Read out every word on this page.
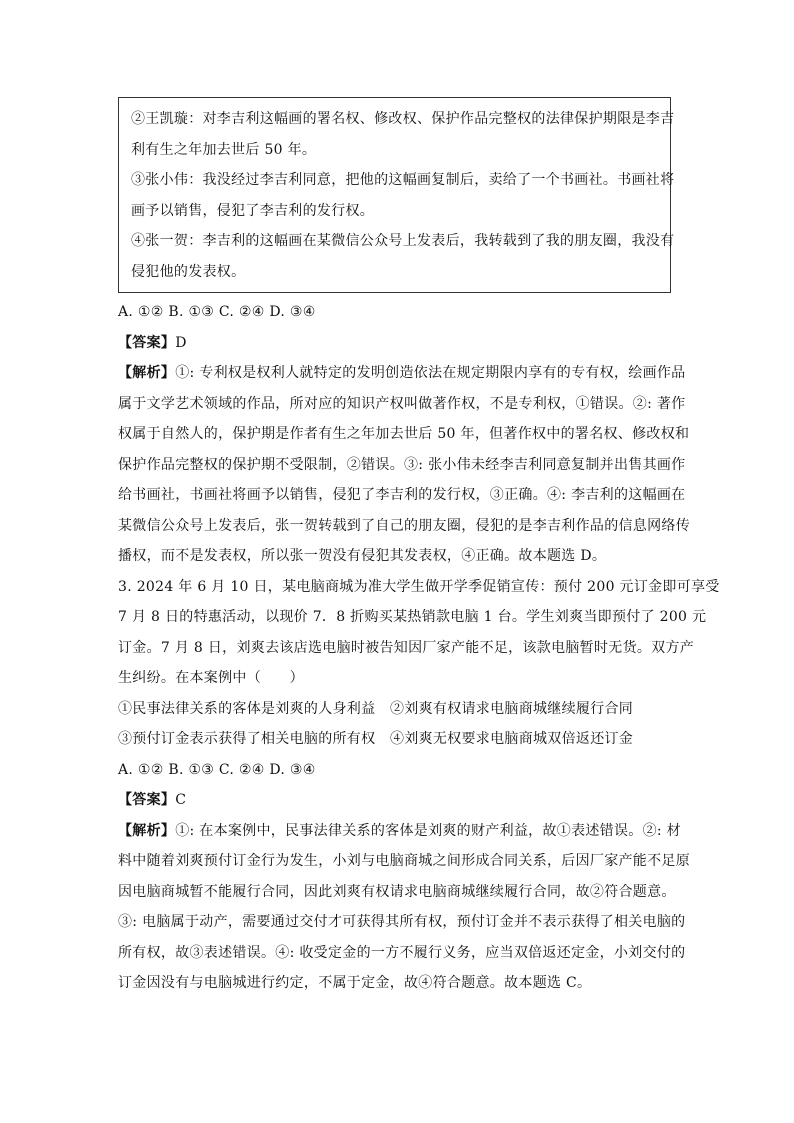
②王凯璇：对李吉利这幅画的署名权、修改权、保护作品完整权的法律保护期限是李吉

利有生之年加去世后 50 年。

③张小伟：我没经过李吉利同意，把他的这幅画复制后，卖给了一个书画社。书画社将

画予以销售，侵犯了李吉利的发行权。

④张一贺：李吉利的这幅画在某微信公众号上发表后，我转载到了我的朋友圈，我没有

侵犯他的发表权。

A. ①② B. ①③ C. ②④ D. ③④
【答案】D
【解析】①: 专利权是权利人就特定的发明创造依法在规定期限内享有的专有权，绘画作品
属于文学艺术领域的作品，所对应的知识产权叫做著作权，不是专利权，①错误。②: 著作
权属于自然人的，保护期是作者有生之年加去世后 50 年，但著作权中的署名权、修改权和
保护作品完整权的保护期不受限制，②错误。③: 张小伟未经李吉利同意复制并出售其画作
给书画社，书画社将画予以销售，侵犯了李吉利的发行权，③正确。④: 李吉利的这幅画在
某微信公众号上发表后，张一贺转载到了自己的朋友圈，侵犯的是李吉利作品的信息网络传
播权，而不是发表权，所以张一贺没有侵犯其发表权，④正确。故本题选 D。
3. 2024 年 6 月 10 日，某电脑商城为准大学生做开学季促销宣传：预付 200 元订金即可享受
7 月 8 日的特惠活动，以现价 7．8 折购买某热销款电脑 1 台。学生刘爽当即预付了 200 元
订金。7 月 8 日，刘爽去该店选电脑时被告知因厂家产能不足，该款电脑暂时无货。双方产
生纠纷。在本案例中（　　）
①民事法律关系的客体是刘爽的人身利益 ②刘爽有权请求电脑商城继续履行合同
③预付订金表示获得了相关电脑的所有权 ④刘爽无权要求电脑商城双倍返还订金
A. ①② B. ①③ C. ②④ D. ③④
【答案】C
【解析】①: 在本案例中，民事法律关系的客体是刘爽的财产利益，故①表述错误。②: 材
料中随着刘爽预付订金行为发生，小刘与电脑商城之间形成合同关系，后因厂家产能不足原
因电脑商城暂不能履行合同，因此刘爽有权请求电脑商城继续履行合同，故②符合题意。
③: 电脑属于动产，需要通过交付才可获得其所有权，预付订金并不表示获得了相关电脑的
所有权，故③表述错误。④: 收受定金的一方不履行义务，应当双倍返还定金，小刘交付的
订金因没有与电脑城进行约定，不属于定金，故④符合题意。故本题选 C。
